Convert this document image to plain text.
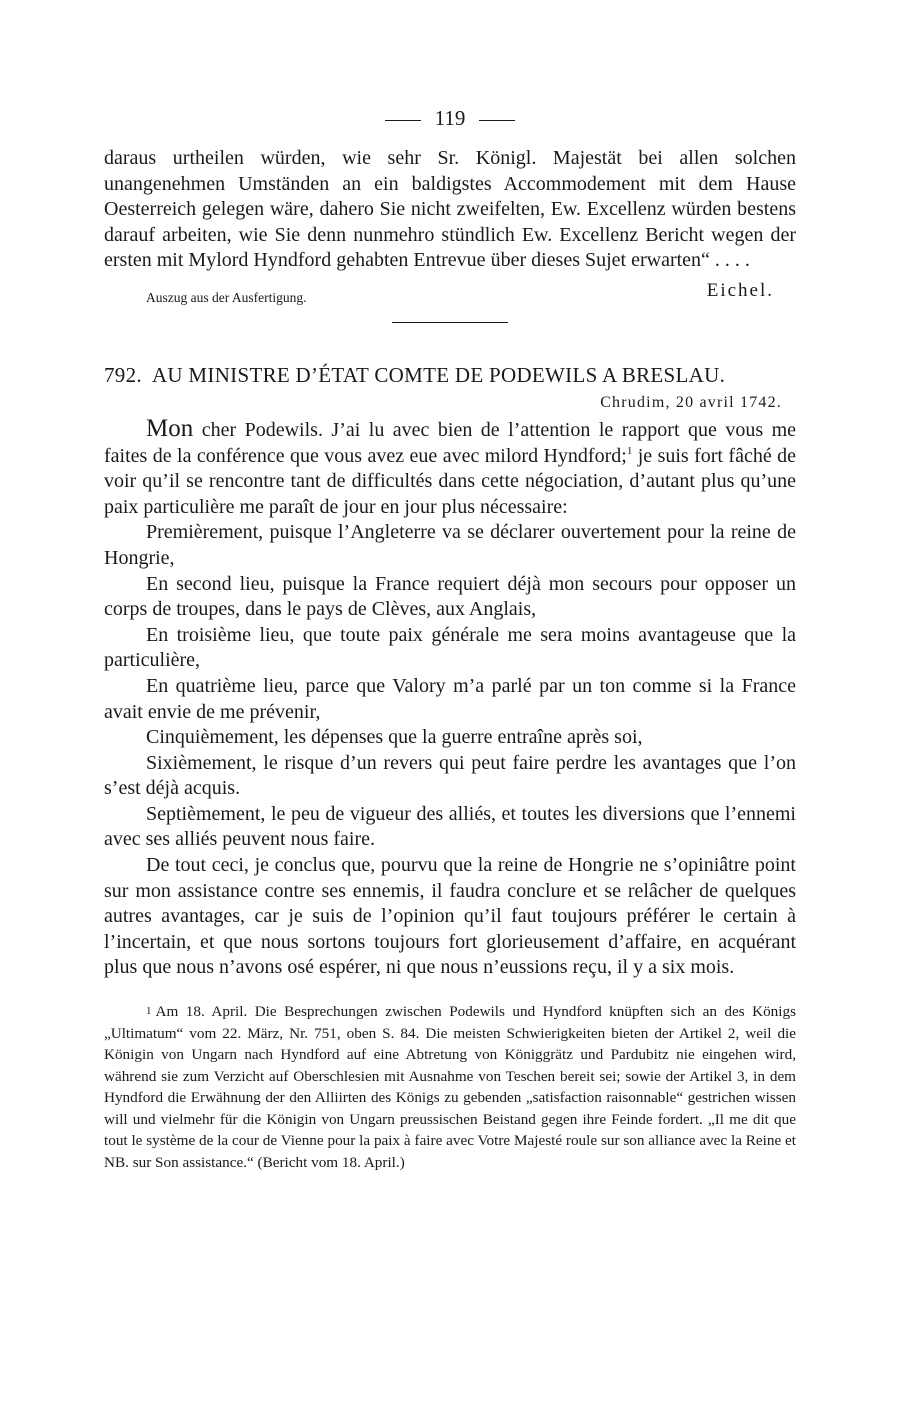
119

daraus urtheilen würden, wie sehr Sr. Königl. Majestät bei allen solchen unangenehmen Umständen an ein baldigstes Accommodement mit dem Hause Oesterreich gelegen wäre, dahero Sie nicht zweifelten, Ew. Excellenz würden bestens darauf arbeiten, wie Sie denn nunmehro stündlich Ew. Excellenz Bericht wegen der ersten mit Mylord Hyndford gehabten Entrevue über dieses Sujet erwarten“ . . . .

Auszug aus der Ausfertigung.	Eichel.
792. AU MINISTRE D’ÉTAT COMTE DE PODEWILS A BRESLAU.
Chrudim, 20 avril 1742.

Mon cher Podewils. J’ai lu avec bien de l’attention le rapport que vous me faites de la conférence que vous avez eue avec milord Hyndford;$^1$ je suis fort fâché de voir qu’il se rencontre tant de difficultés dans cette négociation, d’autant plus qu’une paix particulière me paraît de jour en jour plus nécessaire:

Premièrement, puisque l’Angleterre va se déclarer ouvertement pour la reine de Hongrie,

En second lieu, puisque la France requiert déjà mon secours pour opposer un corps de troupes, dans le pays de Clèves, aux Anglais,

En troisième lieu, que toute paix générale me sera moins avantageuse que la particulière,

En quatrième lieu, parce que Valory m’a parlé par un ton comme si la France avait envie de me prévenir,

Cinquièmement, les dépenses que la guerre entraîne après soi,

Sixièmement, le risque d’un revers qui peut faire perdre les avantages que l’on s’est déjà acquis.

Septièmement, le peu de vigueur des alliés, et toutes les diversions que l’ennemi avec ses alliés peuvent nous faire.

De tout ceci, je conclus que, pourvu que la reine de Hongrie ne s’opiniâtre point sur mon assistance contre ses ennemis, il faudra conclure et se relâcher de quelques autres avantages, car je suis de l’opinion qu’il faut toujours préférer le certain à l’incertain, et que nous sortons toujours fort glorieusement d’affaire, en acquérant plus que nous n’avons osé espérer, ni que nous n’eussions reçu, il y a six mois.

1 Am 18. April. Die Besprechungen zwischen Podewils und Hyndford knüpften sich an des Königs „Ultimatum“ vom 22. März, Nr. 751, oben S. 84. Die meisten Schwierigkeiten bieten der Artikel 2, weil die Königin von Ungarn nach Hyndford auf eine Abtretung von Königgrätz und Pardubitz nie eingehen wird, während sie zum Verzicht auf Oberschlesien mit Ausnahme von Teschen bereit sei; sowie der Artikel 3, in dem Hyndford die Erwähnung der den Alliirten des Königs zu gebenden „satisfaction raisonnable“ gestrichen wissen will und vielmehr für die Königin von Ungarn preussischen Beistand gegen ihre Feinde fordert. „Il me dit que tout le système de la cour de Vienne pour la paix à faire avec Votre Majesté roule sur son alliance avec la Reine et NB. sur Son assistance.“ (Bericht vom 18. April.)
